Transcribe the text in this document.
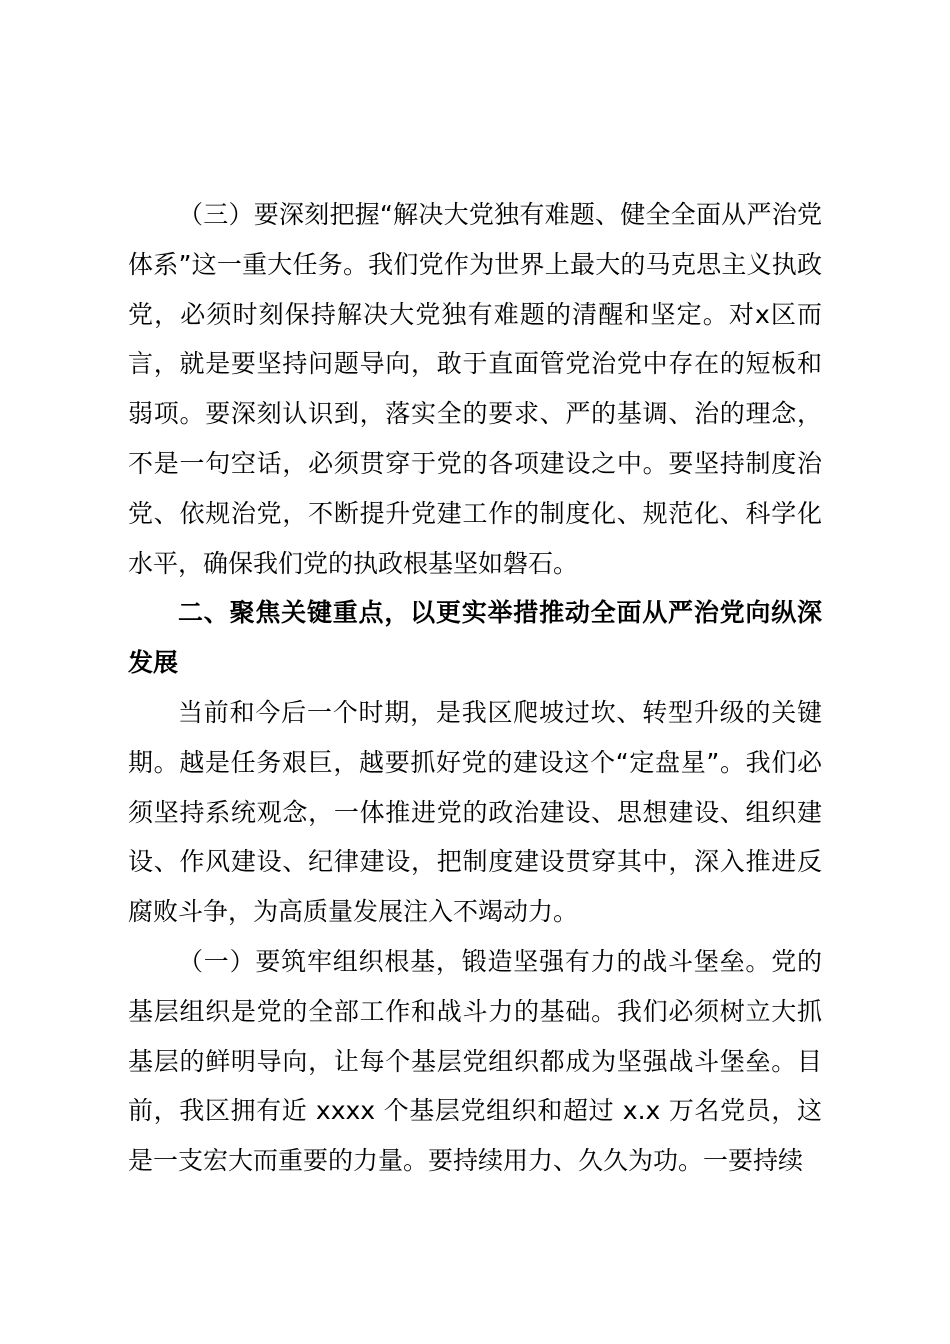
（三）要深刻把握“解决大党独有难题、健全全面从严治党体系”这一重大任务。我们党作为世界上最大的马克思主义执政党，必须时刻保持解决大党独有难题的清醒和坚定。对x区而言，就是要坚持问题导向，敢于直面管党治党中存在的短板和弱项。要深刻认识到，落实全的要求、严的基调、治的理念，不是一句空话，必须贯穿于党的各项建设之中。要坚持制度治党、依规治党，不断提升党建工作的制度化、规范化、科学化水平，确保我们党的执政根基坚如磐石。

二、聚焦关键重点，以更实举措推动全面从严治党向纵深发展

当前和今后一个时期，是我区爬坡过坎、转型升级的关键期。越是任务艰巨，越要抓好党的建设这个“定盘星”。我们必须坚持系统观念，一体推进党的政治建设、思想建设、组织建设、作风建设、纪律建设，把制度建设贯穿其中，深入推进反腐败斗争，为高质量发展注入不竭动力。

（一）要筑牢组织根基，锻造坚强有力的战斗堡垒。党的基层组织是党的全部工作和战斗力的基础。我们必须树立大抓基层的鲜明导向，让每个基层党组织都成为坚强战斗堡垒。目前，我区拥有近 xxxx 个基层党组织和超过 x.x 万名党员，这是一支宏大而重要的力量。要持续用力、久久为功。一要持续
